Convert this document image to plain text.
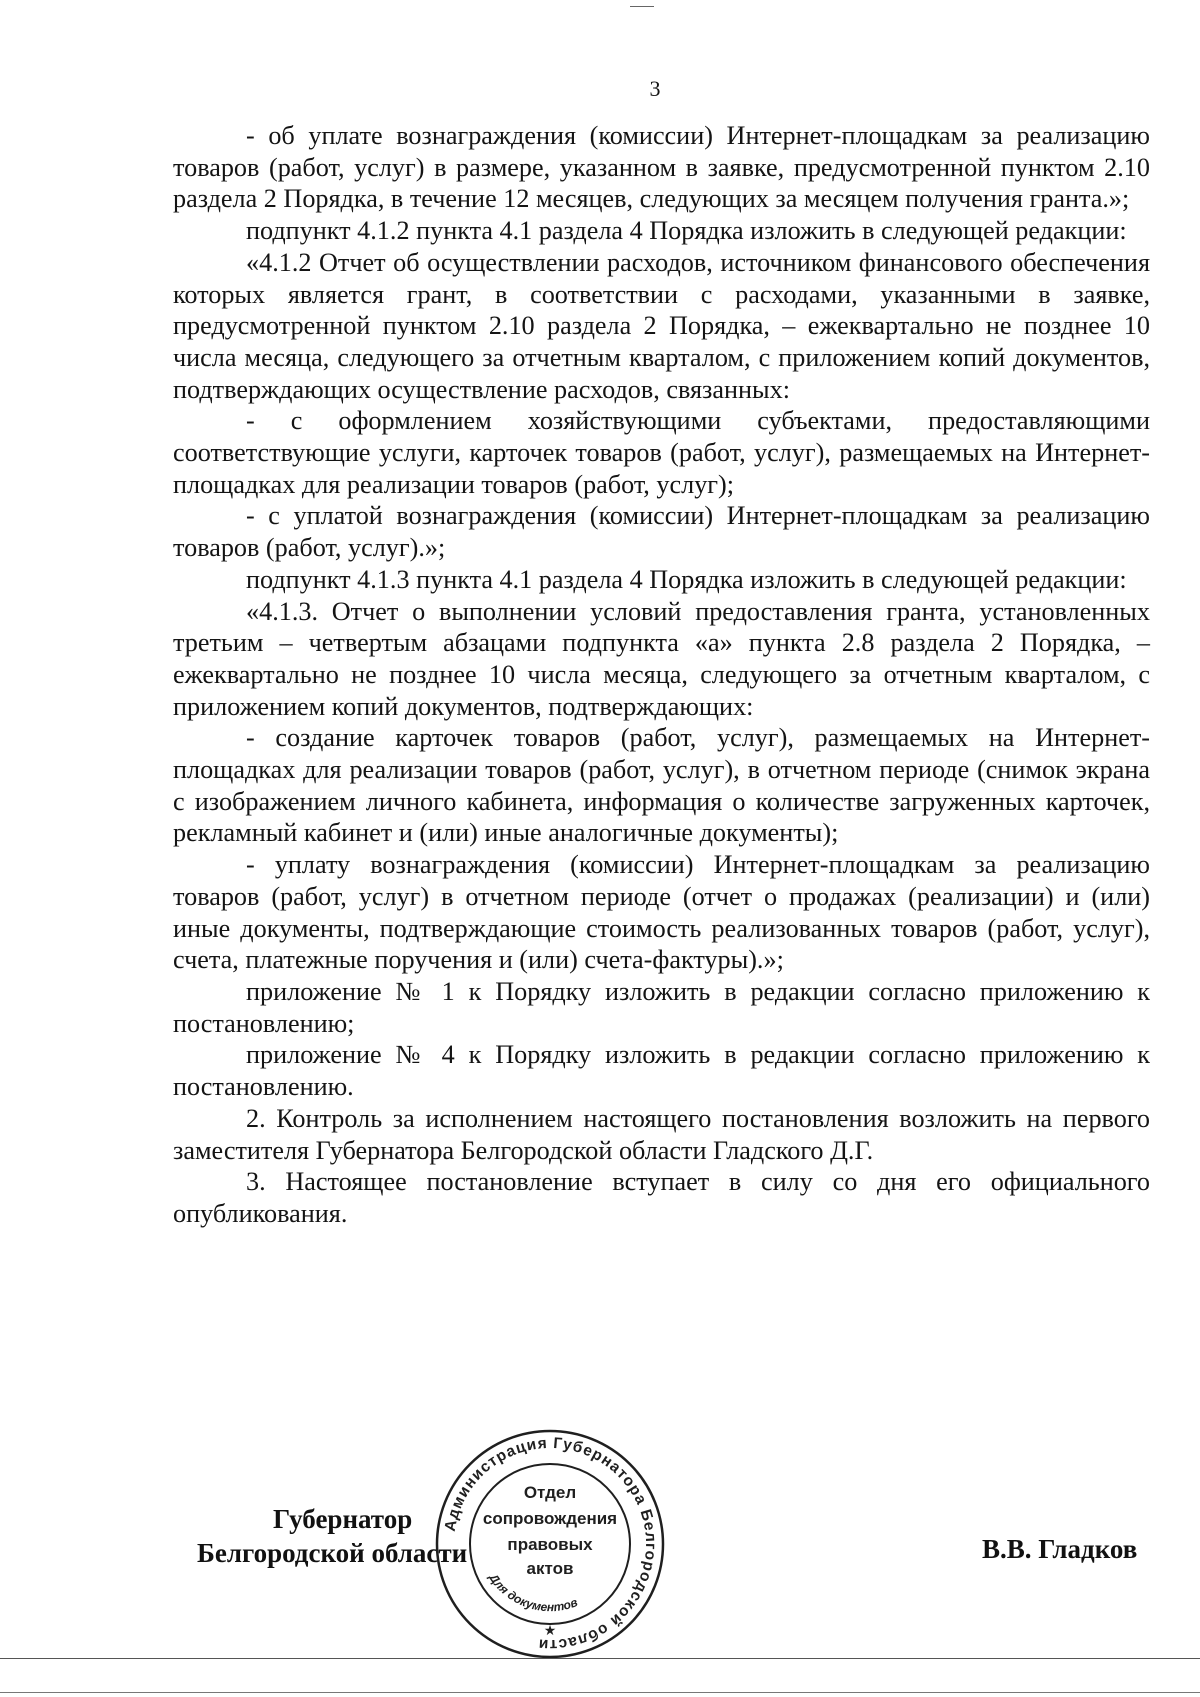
3

- об уплате вознаграждения (комиссии) Интернет-площадкам за реализацию товаров (работ, услуг) в размере, указанном в заявке, предусмотренной пунктом 2.10 раздела 2 Порядка, в течение 12 месяцев, следующих за месяцем получения гранта.»;

подпункт 4.1.2 пункта 4.1 раздела 4 Порядка изложить в следующей редакции:

«4.1.2 Отчет об осуществлении расходов, источником финансового обеспечения которых является грант, в соответствии с расходами, указанными в заявке, предусмотренной пунктом 2.10 раздела 2 Порядка, – ежеквартально не позднее 10 числа месяца, следующего за отчетным кварталом, с приложением копий документов, подтверждающих осуществление расходов, связанных:

- с оформлением хозяйствующими субъектами, предоставляющими соответствующие услуги, карточек товаров (работ, услуг), размещаемых на Интернет-площадках для реализации товаров (работ, услуг);

- с уплатой вознаграждения (комиссии) Интернет-площадкам за реализацию товаров (работ, услуг).»;

подпункт 4.1.3 пункта 4.1 раздела 4 Порядка изложить в следующей редакции:

«4.1.3. Отчет о выполнении условий предоставления гранта, установленных третьим – четвертым абзацами подпункта «а» пункта 2.8 раздела 2 Порядка, – ежеквартально не позднее 10 числа месяца, следующего за отчетным кварталом, с приложением копий документов, подтверждающих:

- создание карточек товаров (работ, услуг), размещаемых на Интернет-площадках для реализации товаров (работ, услуг), в отчетном периоде (снимок экрана с изображением личного кабинета, информация о количестве загруженных карточек, рекламный кабинет и (или) иные аналогичные документы);

- уплату вознаграждения (комиссии) Интернет-площадкам за реализацию товаров (работ, услуг) в отчетном периоде (отчет о продажах (реализации) и (или) иные документы, подтверждающие стоимость реализованных товаров (работ, услуг), счета, платежные поручения и (или) счета-фактуры).»;

приложение № 1 к Порядку изложить в редакции согласно приложению к постановлению;

приложение № 4 к Порядку изложить в редакции согласно приложению к постановлению.

2. Контроль за исполнением настоящего постановления возложить на первого заместителя Губернатора Белгородской области Гладского Д.Г.

3. Настоящее постановление вступает в силу со дня его официального опубликования.

Губернатор
Белгородской области	В.В. Гладков
Администрация Губернатора Белгородской области
Отдел
сопровождения
правовых
актов
Для документов
★
